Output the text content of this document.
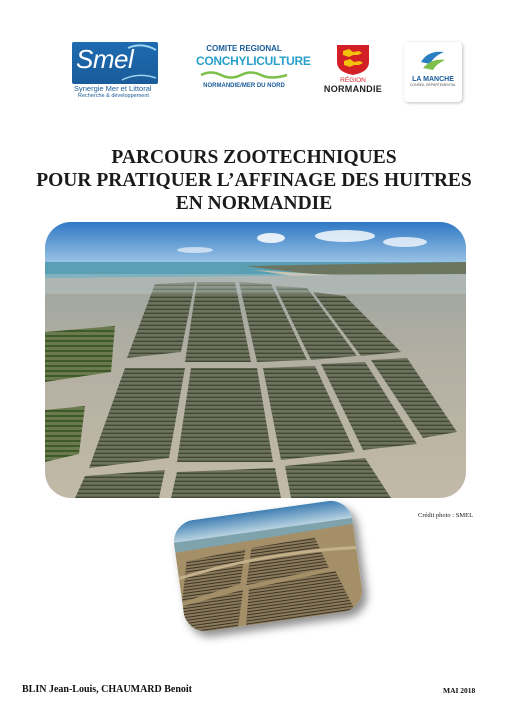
Smel
Synergie Mer et Littoral
Recherche & développement
COMITE REGIONAL
CONCHYLICULTURE
NORMANDIE/MER DU NORD
RÉGION
NORMANDIE
LA MANCHE
CONSEIL DÉPARTEMENTAL
PARCOURS ZOOTECHNIQUES
POUR PRATIQUER L’AFFINAGE DES HUITRES
EN NORMANDIE
Crédit photo : SMEL
BLIN Jean-Louis, CHAUMARD Benoit	MAI 2018
